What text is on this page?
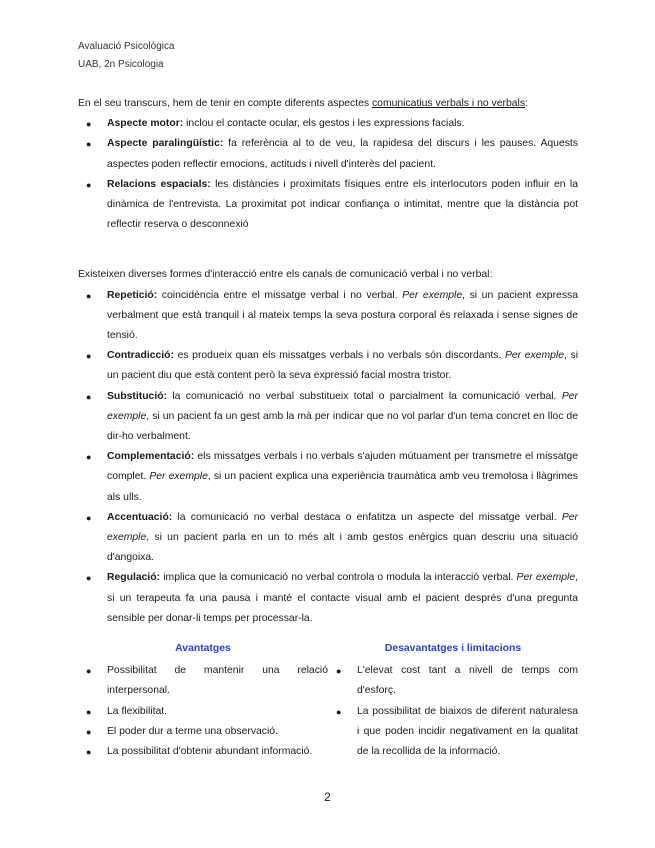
Avaluació Psicològica
UAB, 2n Psicologia

En el seu transcurs, hem de tenir en compte diferents aspectes comunicatius verbals i no verbals:

● Aspecte motor: inclou el contacte ocular, els gestos i les expressions facials.
● Aspecte paralingüístic: fa referència al to de veu, la rapidesa del discurs i les pauses. Aquests aspectes poden reflectir emocions, actituds i nivell d'interès del pacient.
● Relacions espacials: les distàncies i proximitats físiques entre els interlocutors poden influir en la dinàmica de l'entrevista. La proximitat pot indicar confiança o intimitat, mentre que la distància pot reflectir reserva o desconnexió

Existeixen diverses formes d'interacció entre els canals de comunicació verbal i no verbal:

● Repetició: coincidència entre el missatge verbal i no verbal. Per exemple, si un pacient expressa verbalment que està tranquil i al mateix temps la seva postura corporal és relaxada i sense signes de tensió.
● Contradicció: es produeix quan els missatges verbals i no verbals són discordants. Per exemple, si un pacient diu que està content però la seva expressió facial mostra tristor.
● Substitució: la comunicació no verbal substitueix total o parcialment la comunicació verbal. Per exemple, si un pacient fa un gest amb la mà per indicar que no vol parlar d'un tema concret en lloc de dir-ho verbalment.
● Complementació: els missatges verbals i no verbals s'ajuden mútuament per transmetre el missatge complet. Per exemple, si un pacient explica una experiència traumàtica amb veu tremolosa i llàgrimes als ulls.
● Accentuació: la comunicació no verbal destaca o enfatitza un aspecte del missatge verbal. Per exemple, si un pacient parla en un to més alt i amb gestos enèrgics quan descriu una situació d'angoixa.
● Regulació: implica que la comunicació no verbal controla o modula la interacció verbal. Per exemple, si un terapeuta fa una pausa i manté el contacte visual amb el pacient després d'una pregunta sensible per donar-li temps per processar-la.
Avantatges
● Possibilitat de mantenir una relació interpersonal.
● La flexibilitat.
● El poder dur a terme una observació.
● La possibilitat d'obtenir abundant informació.
Desavantatges i limitacions
● L'elevat cost tant a nivell de temps com d'esforç.
● La possibilitat de biaixos de diferent naturalesa i que poden incidir negativament en la qualitat de la recollida de la informació.
2
